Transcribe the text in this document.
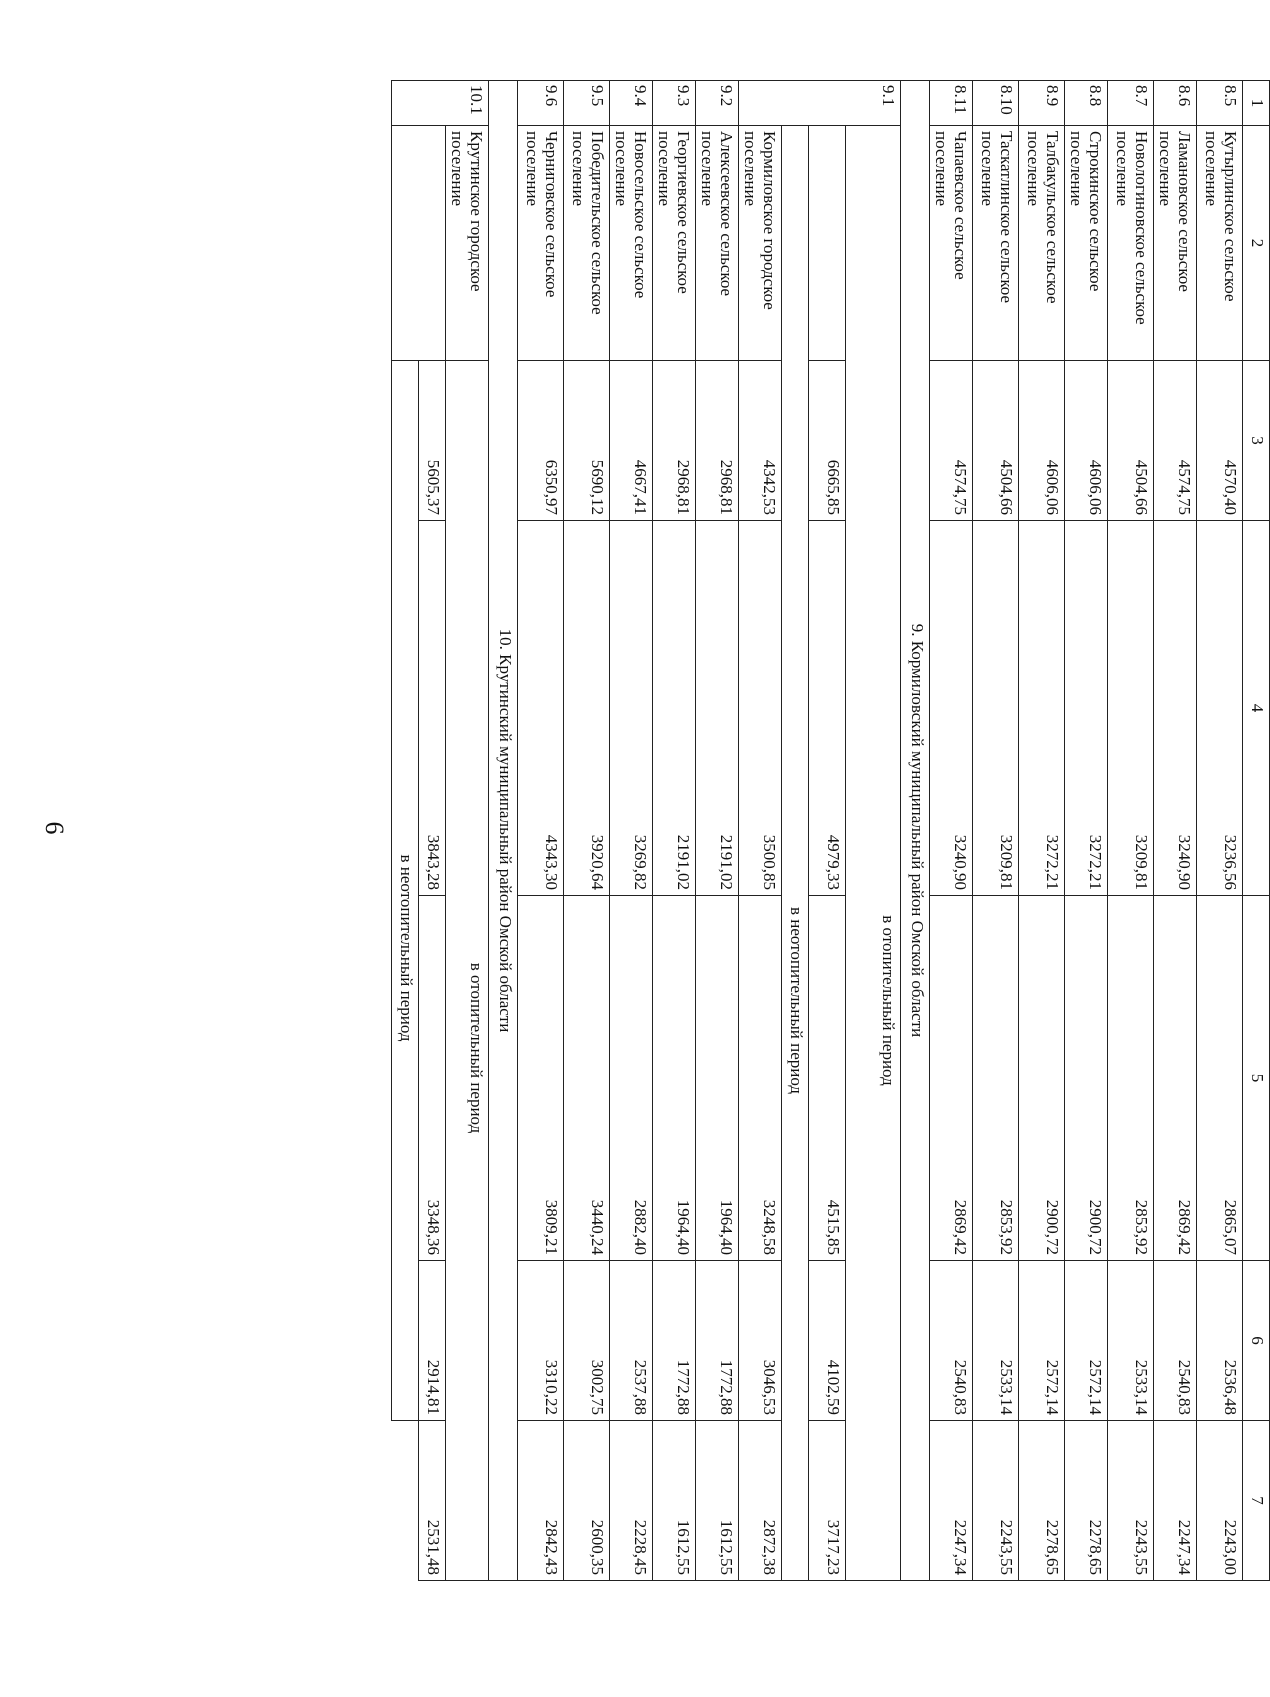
6
1	2	3	4	5	6	7
8.5	Кутырлинское сельское поселение	4570,40	3236,56	2865,07	2536,48	2243,00
8.6	Ламановское сельское поселение	4574,75	3240,90	2869,42	2540,83	2247,34
8.7	Новологиновское сельское поселение	4504,66	3209,81	2853,92	2533,14	2243,55
8.8	Строкинское сельское поселение	4606,06	3272,21	2900,72	2572,14	2278,65
8.9	Талбакульское сельское поселение	4606,06	3272,21	2900,72	2572,14	2278,65
8.10	Таскатлинское сельское поселение	4504,66	3209,81	2853,92	2533,14	2243,55
8.11	Чапаевское сельское поселение	4574,75	3240,90	2869,42	2540,83	2247,34
9. Кормиловский муниципальный район Омской области						
9.1	в отопительный период					
		6665,85	4979,33	4515,85	4102,59	3717,23
	в неотопительный период					
	Кормиловское городское поселение	4342,53	3500,85	3248,58	3046,53	2872,38
9.2	Алексеевское сельское поселение	2968,81	2191,02	1964,40	1772,88	1612,55
9.3	Георгиевское сельское поселение	2968,81	2191,02	1964,40	1772,88	1612,55
9.4	Новосельское сельское поселение	4667,41	3269,82	2882,40	2537,88	2228,45
9.5	Победительское сельское поселение	5690,12	3920,64	3440,24	3002,75	2600,35
9.6	Черниговское сельское поселение	6350,97	4343,30	3809,21	3310,22	2842,43
10. Крутинский муниципальный район Омской области						
10.1	Крутинское городское поселение	в отопительный период				
		5605,37	3843,28	3348,36	2914,81	2531,48
		в неотопительный период				
